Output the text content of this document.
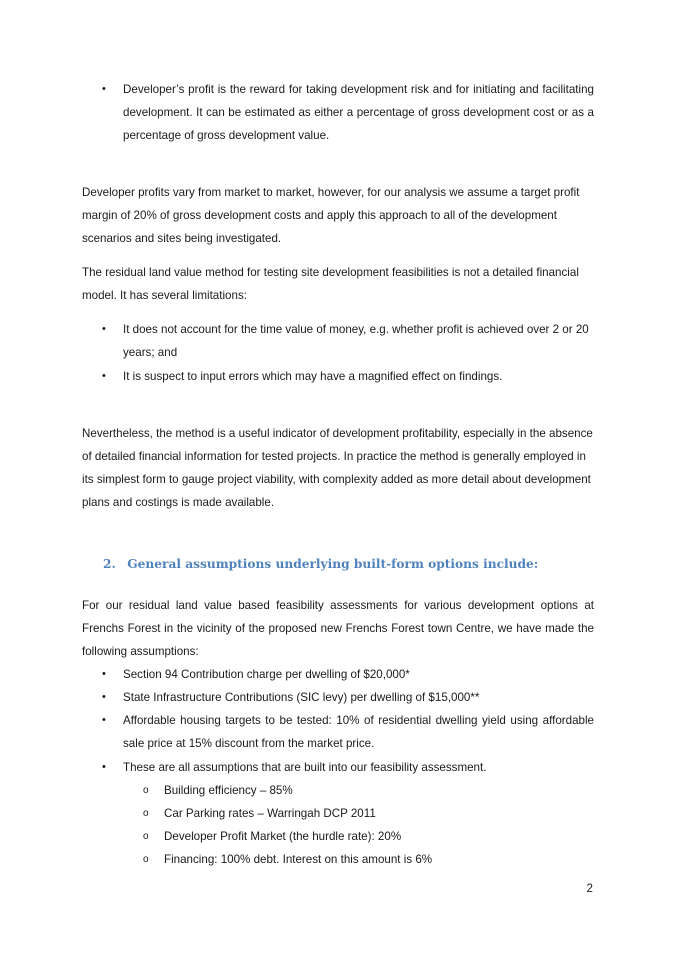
•	Developer’s profit is the reward for taking development risk and for initiating and facilitating development. It can be estimated as either a percentage of gross development cost or as a percentage of gross development value.
Developer profits vary from market to market, however, for our analysis we assume a target profit margin of 20% of gross development costs and apply this approach to all of the development scenarios and sites being investigated.
The residual land value method for testing site development feasibilities is not a detailed financial model. It has several limitations:
•	It does not account for the time value of money, e.g. whether profit is achieved over 2 or 20 years; and
•	It is suspect to input errors which may have a magnified effect on findings.
Nevertheless, the method is a useful indicator of development profitability, especially in the absence of detailed financial information for tested projects. In practice the method is generally employed in its simplest form to gauge project viability, with complexity added as more detail about development plans and costings is made available.
2. General assumptions underlying built-form options include:
For our residual land value based feasibility assessments for various development options at Frenchs Forest in the vicinity of the proposed new Frenchs Forest town Centre, we have made the following assumptions:
•	Section 94 Contribution charge per dwelling of $20,000*
•	State Infrastructure Contributions (SIC levy) per dwelling of $15,000**
•	Affordable housing targets to be tested: 10% of residential dwelling yield using affordable sale price at 15% discount from the market price.
•	These are all assumptions that are built into our feasibility assessment.
o Building efficiency – 85%
o Car Parking rates – Warringah DCP 2011
o Developer Profit Market (the hurdle rate): 20%
o Financing: 100% debt. Interest on this amount is 6%
2
